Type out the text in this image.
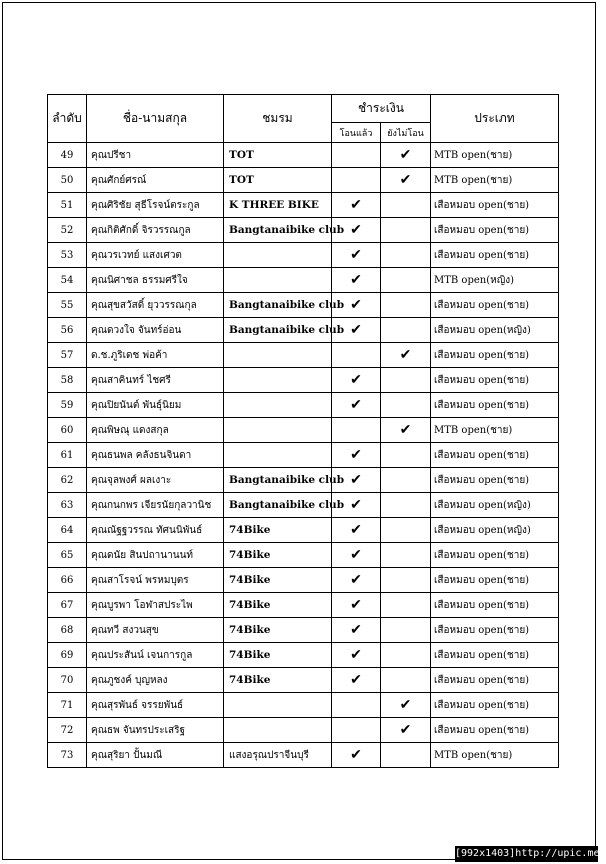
ลำดับ	ชื่อ-นามสกุล	ชมรม	ชำระเงิน		ประเภท
			โอนแล้ว	ยังไม่โอน	
49	คุณปรีชา	TOT		✔	MTB open(ชาย)
50	คุณศักย์ศรณ์	TOT		✔	MTB open(ชาย)
51	คุณศิริชัย สุธีโรจน์ตระกูล	K THREE BIKE	✔		เสือหมอบ open(ชาย)
52	คุณกิติศักดิ์ จิรวรรณกูล	Bangtanaibike club	✔		เสือหมอบ open(ชาย)
53	คุณวรเวทย์ แสงเศวต		✔		เสือหมอบ open(ชาย)
54	คุณนิศาชล ธรรมศรีใจ		✔		MTB open(หญิง)
55	คุณสุขสวัสดิ์ ยุววรรณกุล	Bangtanaibike club	✔		เสือหมอบ open(ชาย)
56	คุณดวงใจ จันทร์อ่อน	Bangtanaibike club	✔		เสือหมอบ open(หญิง)
57	ด.ช.ภูริเดช พ่อค้า			✔	เสือหมอบ open(ชาย)
58	คุณสาคินทร์ ไชศรี		✔		เสือหมอบ open(ชาย)
59	คุณปิยนันต์ พันธุ์นิยม		✔		เสือหมอบ open(ชาย)
60	คุณพิษณุ แดงสกุล			✔	MTB open(ชาย)
61	คุณธนพล คลังธนจินดา		✔		เสือหมอบ open(ชาย)
62	คุณจุลพงศ์ ผลเงาะ	Bangtanaibike club	✔		เสือหมอบ open(ชาย)
63	คุณกนกพร เจียรนัยกุลวานิช	Bangtanaibike club	✔		เสือหมอบ open(หญิง)
64	คุณณัฐฐวรรณ ทัศนนิพันธ์	74Bike	✔		เสือหมอบ open(หญิง)
65	คุณดนัย สินปถานานนท์	74Bike	✔		เสือหมอบ open(ชาย)
66	คุณสาโรจน์ พรหมบุตร	74Bike	✔		เสือหมอบ open(ชาย)
67	คุณบูรพา โอฬาสประไพ	74Bike	✔		เสือหมอบ open(ชาย)
68	คุณทวี สงวนสุข	74Bike	✔		เสือหมอบ open(ชาย)
69	คุณประสันน์ เจนการกูล	74Bike	✔		เสือหมอบ open(ชาย)
70	คุณภูชงค์ บุญหลง	74Bike	✔		เสือหมอบ open(ชาย)
71	คุณสุรพันธ์ จรรยพันธ์			✔	เสือหมอบ open(ชาย)
72	คุณธพ จันทรประเสริฐ			✔	เสือหมอบ open(ชาย)
73	คุณสุริยา ปั้นมณี	แสงอรุณปราจีนบุรี	✔		MTB open(ชาย)
[992x1403]http://upic.me/
